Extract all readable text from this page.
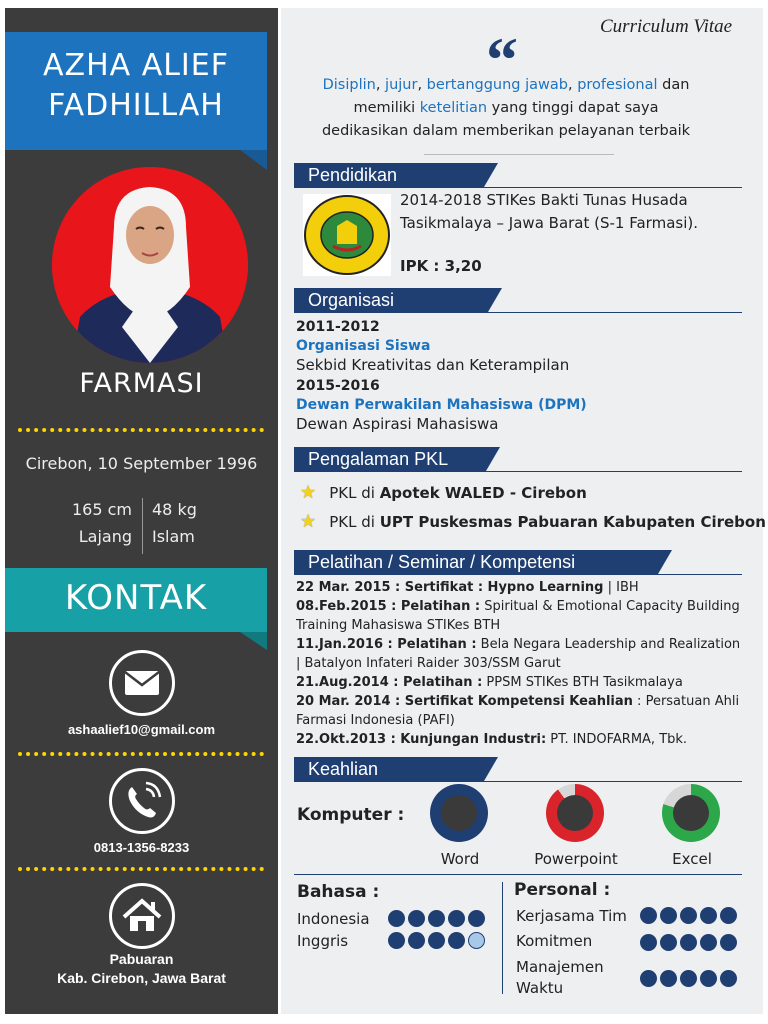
AZHA ALIEF
FADHILLAH
FARMASI
Cirebon, 10 September 1996
165 cm 48 kg
Lajang Islam
KONTAK
ashaalief10@gmail.com
0813-1356-8233
Pabuaran
Kab. Cirebon, Jawa Barat
Curriculum Vitae
“
Disiplin, jujur, bertanggung jawab, profesional dan
memiliki ketelitian yang tinggi dapat saya
dedikasikan dalam memberikan pelayanan terbaik
Pendidikan
2014-2018 STIKes Bakti Tunas Husada
Tasikmalaya – Jawa Barat (S-1 Farmasi).
IPK : 3,20
Organisasi
2011-2012
Organisasi Siswa
Sekbid Kreativitas dan Keterampilan
2015-2016
Dewan Perwakilan Mahasiswa (DPM)
Dewan Aspirasi Mahasiswa
Pengalaman PKL
★ PKL di Apotek WALED - Cirebon
★ PKL di UPT Puskesmas Pabuaran Kabupaten Cirebon
Pelatihan / Seminar / Kompetensi
22 Mar. 2015 : Sertifikat : Hypno Learning | IBH
08.Feb.2015 : Pelatihan : Spiritual & Emotional Capacity Building
Training Mahasiswa STIKes BTH
11.Jan.2016 : Pelatihan : Bela Negara Leadership and Realization
| Batalyon Infateri Raider 303/SSM Garut
21.Aug.2014 : Pelatihan : PPSM STIKes BTH Tasikmalaya
20 Mar. 2014 : Sertifikat Kompetensi Keahlian : Persatuan Ahli
Farmasi Indonesia (PAFI)
22.Okt.2013 : Kunjungan Industri: PT. INDOFARMA, Tbk.
Keahlian
Komputer :
Word	Powerpoint	Excel
Bahasa :
Indonesia
Inggris
Personal :
Kerjasama Tim
Komitmen
Manajemen
Waktu
